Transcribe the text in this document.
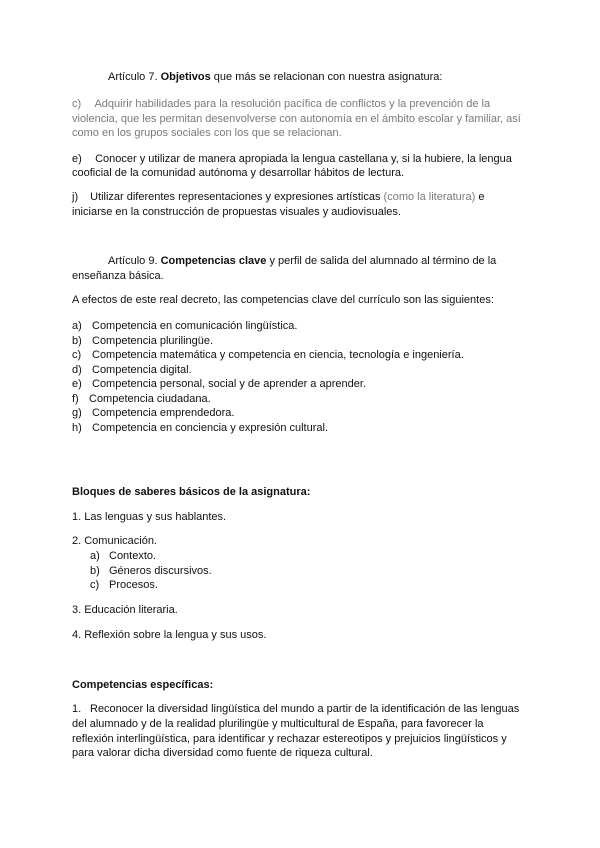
Artículo 7. Objetivos que más se relacionan con nuestra asignatura:
c) Adquirir habilidades para la resolución pacífica de conflictos y la prevención de la
violencia, que les permitan desenvolverse con autonomía en el ámbito escolar y familiar, así
como en los grupos sociales con los que se relacionan.
e) Conocer y utilizar de manera apropiada la lengua castellana y, si la hubiere, la lengua
cooficial de la comunidad autónoma y desarrollar hábitos de lectura.
j) Utilizar diferentes representaciones y expresiones artísticas (como la literatura) e
iniciarse en la construcción de propuestas visuales y audiovisuales.
Artículo 9. Competencias clave y perfil de salida del alumnado al término de la
enseñanza básica.
A efectos de este real decreto, las competencias clave del currículo son las siguientes:
a) Competencia en comunicación lingüística.
b) Competencia plurilingüe.
c) Competencia matemática y competencia en ciencia, tecnología e ingeniería.
d) Competencia digital.
e) Competencia personal, social y de aprender a aprender.
f) Competencia ciudadana.
g) Competencia emprendedora.
h) Competencia en conciencia y expresión cultural.
Bloques de saberes básicos de la asignatura:
1. Las lenguas y sus hablantes.
2. Comunicación.
a) Contexto.
b) Géneros discursivos.
c) Procesos.
3. Educación literaria.
4. Reflexión sobre la lengua y sus usos.
Competencias específicas:
1. Reconocer la diversidad lingüística del mundo a partir de la identificación de las lenguas
del alumnado y de la realidad plurilingüe y multicultural de España, para favorecer la
reflexión interlingüística, para identificar y rechazar estereotipos y prejuicios lingüísticos y
para valorar dicha diversidad como fuente de riqueza cultural.
